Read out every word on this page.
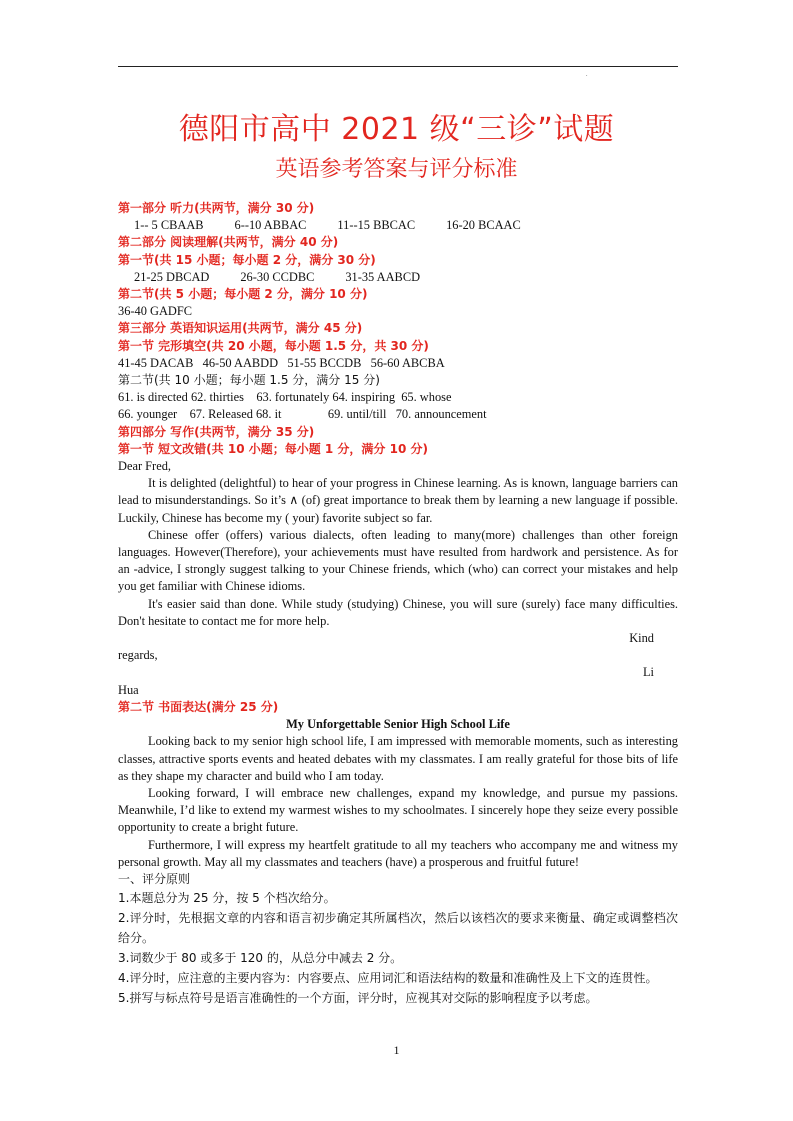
.
德阳市高中 2021 级“三诊”试题
英语参考答案与评分标准
第一部分 听力(共两节，满分 30 分)
1-- 5 CBAAB          6--10 ABBAC          11--15 BBCAC          16-20 BCAAC
第二部分 阅读理解(共两节，满分 40 分)
第一节(共 15 小题；每小题 2 分，满分 30 分)
21-25 DBCAD          26-30 CCDBC          31-35 AABCD
第二节(共 5 小题；每小题 2 分，满分 10 分)
36-40 GADFC
第三部分 英语知识运用(共两节，满分 45 分)
第一节 完形填空(共 20 小题，每小题 1.5 分，共 30 分)
41-45 DACAB   46-50 AABDD   51-55 BCCDB   56-60 ABCBA
第二节(共 10 小题；每小题 1.5 分，满分 15 分)
61. is directed 62. thirties    63. fortunately 64. inspiring  65. whose
66. younger    67. Released 68. it               69. until/till   70. announcement
第四部分 写作(共两节，满分 35 分)
第一节 短文改错(共 10 小题；每小题 1 分，满分 10 分)
Dear Fred,
It is delighted (delightful) to hear of your progress in Chinese learning. As is known, language barriers can lead to misunderstandings. So it’s ∧ (of) great importance to break them by learning a new language if possible. Luckily, Chinese has become my ( your) favorite subject so far.
Chinese offer (offers) various dialects, often leading to many(more) challenges than other foreign languages. However(Therefore), your achievements must have resulted from hardwork and persistence. As for an -advice, I strongly suggest talking to your Chinese friends, which (who) can correct your mistakes and help you get familiar with Chinese idioms.
It's easier said than done. While study (studying) Chinese, you will sure (surely) face many difficulties. Don't hesitate to contact me for more help.
Kind
regards,
Li
Hua
第二节 书面表达(满分 25 分)
My Unforgettable Senior High School Life
Looking back to my senior high school life, I am impressed with memorable moments, such as interesting classes, attractive sports events and heated debates with my classmates. I am really grateful for those bits of life as they shape my character and build who I am today.
Looking forward, I will embrace new challenges, expand my knowledge, and pursue my passions. Meanwhile, I’d like to extend my warmest wishes to my schoolmates. I sincerely hope they seize every possible opportunity to create a bright future.
Furthermore, I will express my heartfelt gratitude to all my teachers who accompany me and witness my personal growth. May all my classmates and teachers (have) a prosperous and fruitful future!
一、评分原则
1.本题总分为 25 分，按 5 个档次给分。
2.评分时，先根据文章的内容和语言初步确定其所属档次，然后以该档次的要求来衡量、确定或调整档次给分。
3.词数少于 80 或多于 120 的，从总分中减去 2 分。
4.评分时，应注意的主要内容为：内容要点、应用词汇和语法结构的数量和准确性及上下文的连贯性。
5.拼写与标点符号是语言准确性的一个方面，评分时，应视其对交际的影响程度予以考虑。
1
